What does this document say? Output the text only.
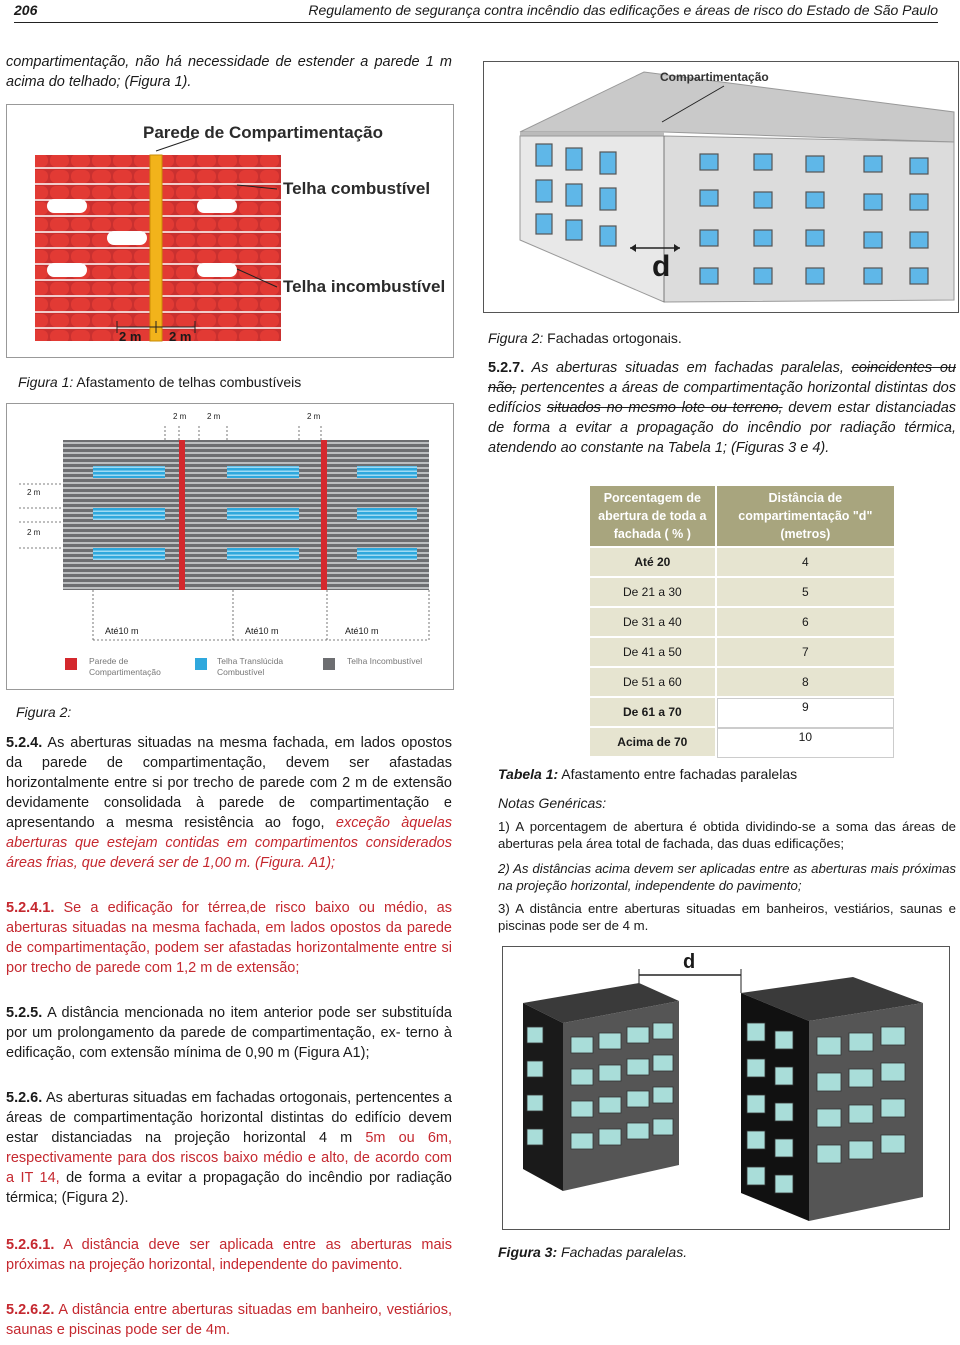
206	Regulamento de segurança contra incêndio das edificações e áreas de risco do Estado de São Paulo
compartimentação, não há necessidade de estender a parede 1 m acima do telhado; (Figura 1).
Parede de Compartimentação
Telha combustível
Telha incombustível
2 m 2 m
Figura 1: Afastamento de telhas combustíveis
2 m	2 m	2 m
2 m
2 m
Até10 m	Até10 m	Até10 m
Parede de Compartimentação
Telha Translúcida Combustível
Telha Incombustível
Figura 2:
5.2.4. As aberturas situadas na mesma fachada, em lados opostos da parede de compartimentação, devem ser afastadas horizontalmente entre si por trecho de parede com 2 m de extensão devidamente consolidada à parede de compartimentação e apresentando a mesma resistência ao fogo, exceção àquelas aberturas que estejam contidas em compartimentos considerados áreas frias, que deverá ser de 1,00 m. (Figura. A1);
5.2.4.1. Se a edificação for térrea,de risco baixo ou médio, as aberturas situadas na mesma fachada, em lados opostos da parede de compartimentação, podem ser afastadas horizontalmente entre si por trecho de parede com 1,2 m de extensão;
5.2.5. A distância mencionada no item anterior pode ser substituída por um prolongamento da parede de compartimentação, ex- terno à edificação, com extensão mínima de 0,90 m (Figura A1);
5.2.6. As aberturas situadas em fachadas ortogonais, pertencentes a áreas de compartimentação horizontal distintas do edifício devem estar distanciadas na projeção horizontal 4 m 5m ou 6m, respectivamente para dos riscos baixo médio e alto, de acordo com a IT 14, de forma a evitar a propagação do incêndio por radiação térmica; (Figura 2).
5.2.6.1. A distância deve ser aplicada entre as aberturas mais próximas na projeção horizontal, independente do pavimento.
5.2.6.2. A distância entre aberturas situadas em banheiro, vestiários, saunas e piscinas pode ser de 4m.
Compartimentação
d
Figura 2: Fachadas ortogonais.
5.2.7. As aberturas situadas em fachadas paralelas, coincidentes ou não, pertencentes a áreas de compartimentação horizontal distintas dos edifícios situados no mesmo lote ou terreno, devem estar distanciadas de forma a evitar a propagação do incêndio por radiação térmica, atendendo ao constante na Tabela 1; (Figuras 3 e 4).
Porcentagem de abertura de toda a fachada ( % )	Distância de compartimentação "d" (metros)
Até 20	4
De 21 a 30	5
De 31 a 40	6
De 41 a 50	7
De 51 a 60	8
De 61 a 70	9
Acima de 70	10
Tabela 1: Afastamento entre fachadas paralelas
Notas Genéricas:
1) A porcentagem de abertura é obtida dividindo-se a soma das áreas de aberturas pela área total de fachada, das duas edificações;
2) As distâncias acima devem ser aplicadas entre as aberturas mais próximas na projeção horizontal, independente do pavimento;
3) A distância entre aberturas situadas em banheiros, vestiários, saunas e piscinas pode ser de 4 m.
d
Figura 3: Fachadas paralelas.
